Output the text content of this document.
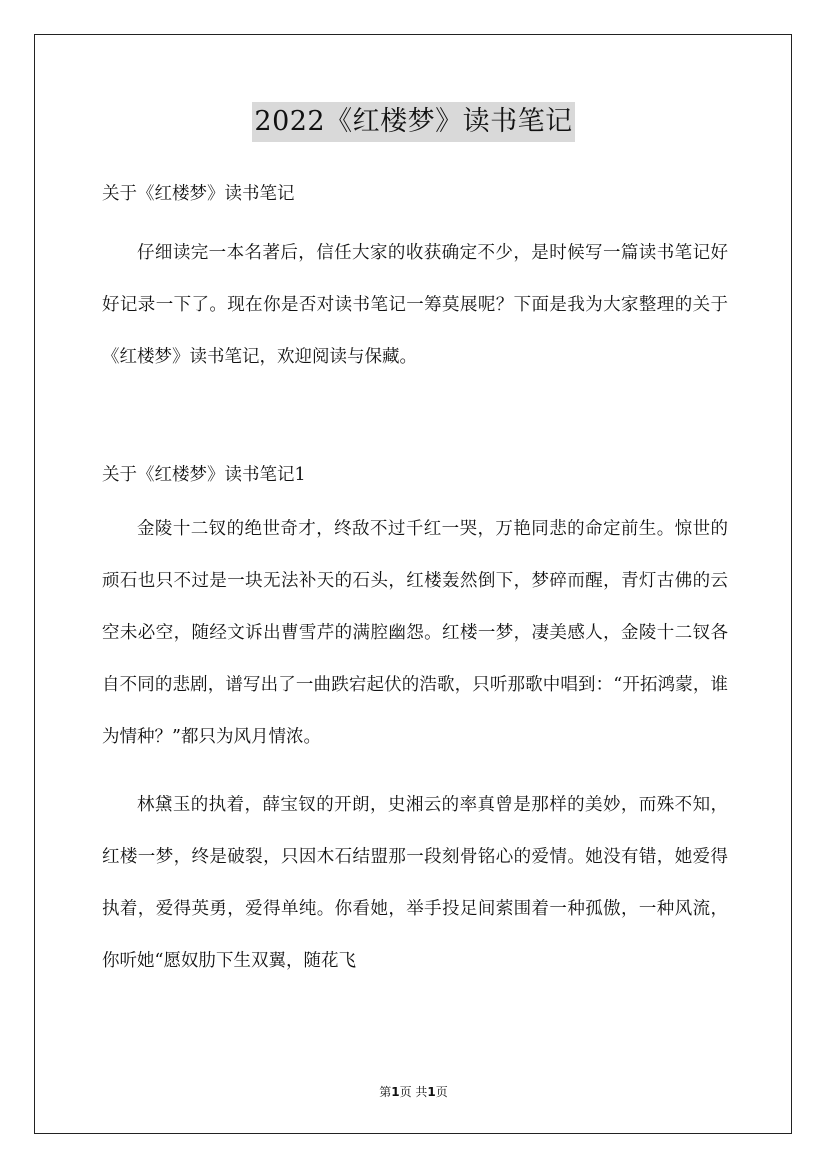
2022《红楼梦》读书笔记

关于《红楼梦》读书笔记

仔细读完一本名著后，信任大家的收获确定不少，是时候写一篇读书笔记好好记录一下了。现在你是否对读书笔记一筹莫展呢？下面是我为大家整理的关于《红楼梦》读书笔记，欢迎阅读与保藏。

关于《红楼梦》读书笔记1

金陵十二钗的绝世奇才，终敌不过千红一哭，万艳同悲的命定前生。惊世的顽石也只不过是一块无法补天的石头，红楼轰然倒下，梦碎而醒，青灯古佛的云空未必空，随经文诉出曹雪芹的满腔幽怨。红楼一梦，凄美感人，金陵十二钗各自不同的悲剧，谱写出了一曲跌宕起伏的浩歌，只听那歌中唱到：“开拓鸿蒙，谁为情种？”都只为风月情浓。

林黛玉的执着，薛宝钗的开朗，史湘云的率真曾是那样的美妙，而殊不知，红楼一梦，终是破裂，只因木石结盟那一段刻骨铭心的爱情。她没有错，她爱得执着，爱得英勇，爱得单纯。你看她，举手投足间萦围着一种孤傲，一种风流，你听她“愿奴肋下生双翼，随花飞

第1页 共1页
